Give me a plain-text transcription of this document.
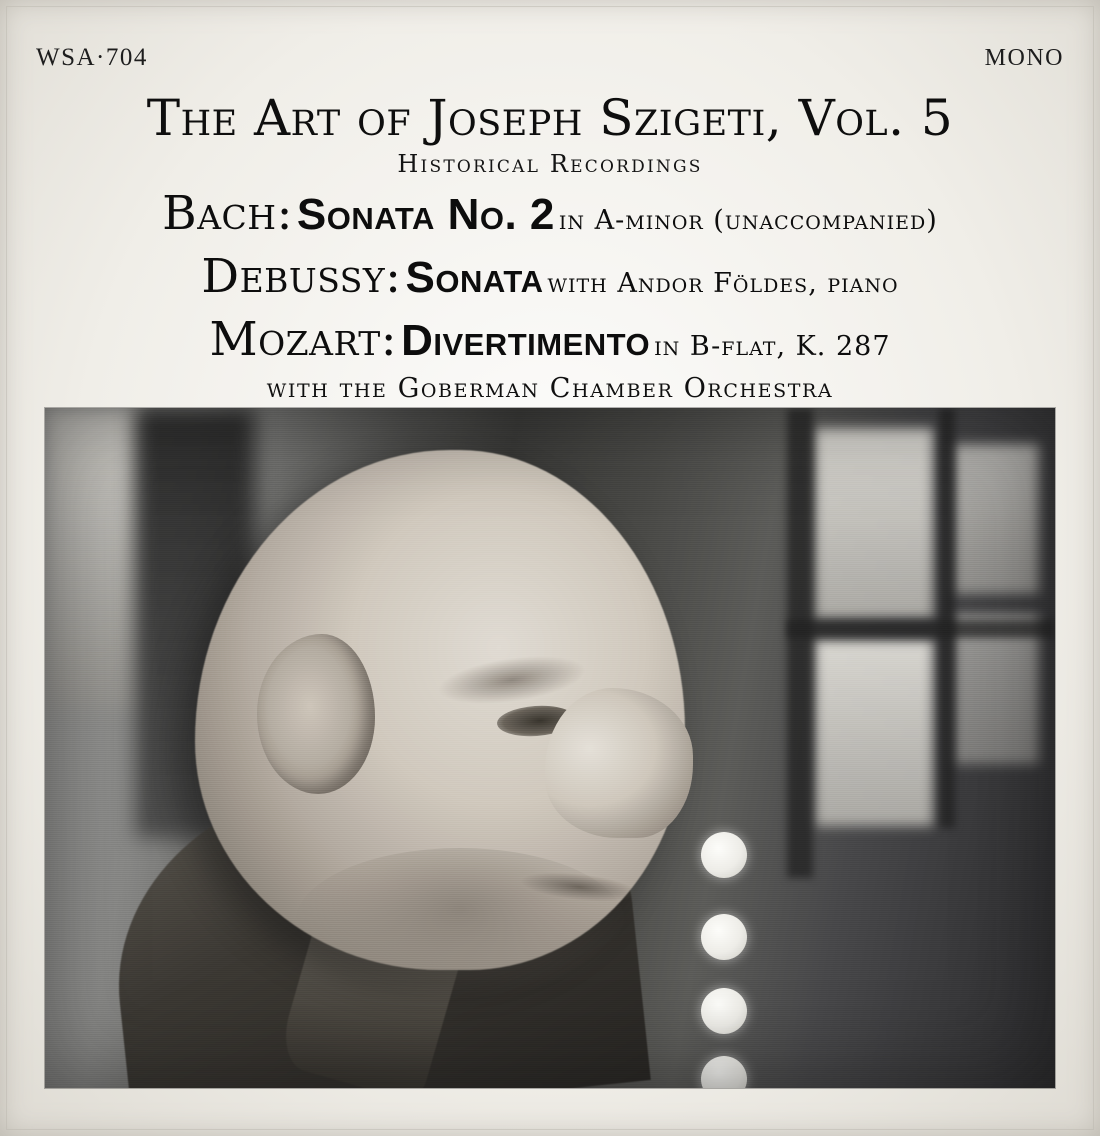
WSA·704	MONO
The Art of Joseph Szigeti, Vol. 5
Historical Recordings
Bach: Sonata No. 2 in A-minor (unaccompanied)
Debussy: Sonata with Andor Földes, piano
Mozart: Divertimento in B-flat, K. 287
with the Goberman Chamber Orchestra
